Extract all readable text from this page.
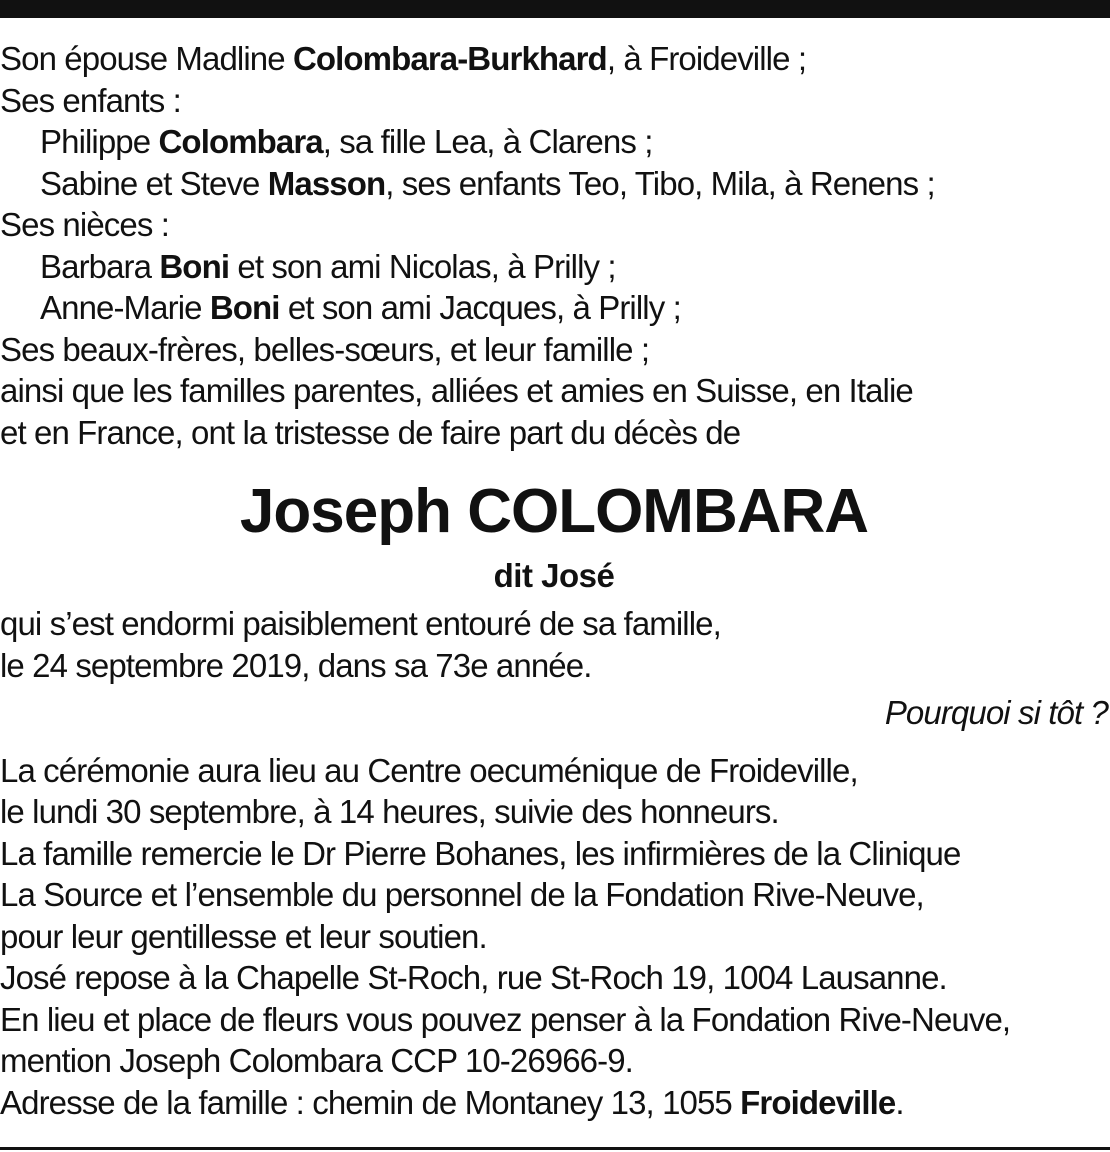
Son épouse Madline Colombara-Burkhard, à Froideville ;
Ses enfants :
Philippe Colombara, sa fille Lea, à Clarens ;
Sabine et Steve Masson, ses enfants Teo, Tibo, Mila, à Renens ;
Ses nièces :
Barbara Boni et son ami Nicolas, à Prilly ;
Anne-Marie Boni et son ami Jacques, à Prilly ;
Ses beaux-frères, belles-sœurs, et leur famille ;
ainsi que les familles parentes, alliées et amies en Suisse, en Italie
et en France, ont la tristesse de faire part du décès de
Joseph COLOMBARA
dit José
qui s’est endormi paisiblement entouré de sa famille,
le 24 septembre 2019, dans sa 73e année.
Pourquoi si tôt ?
La cérémonie aura lieu au Centre oecuménique de Froideville,
le lundi 30 septembre, à 14 heures, suivie des honneurs.
La famille remercie le Dr Pierre Bohanes, les infirmières de la Clinique
La Source et l’ensemble du personnel de la Fondation Rive-Neuve,
pour leur gentillesse et leur soutien.
José repose à la Chapelle St-Roch, rue St-Roch 19, 1004 Lausanne.
En lieu et place de fleurs vous pouvez penser à la Fondation Rive-Neuve,
mention Joseph Colombara CCP 10-26966-9.
Adresse de la famille : chemin de Montaney 13, 1055 Froideville.
